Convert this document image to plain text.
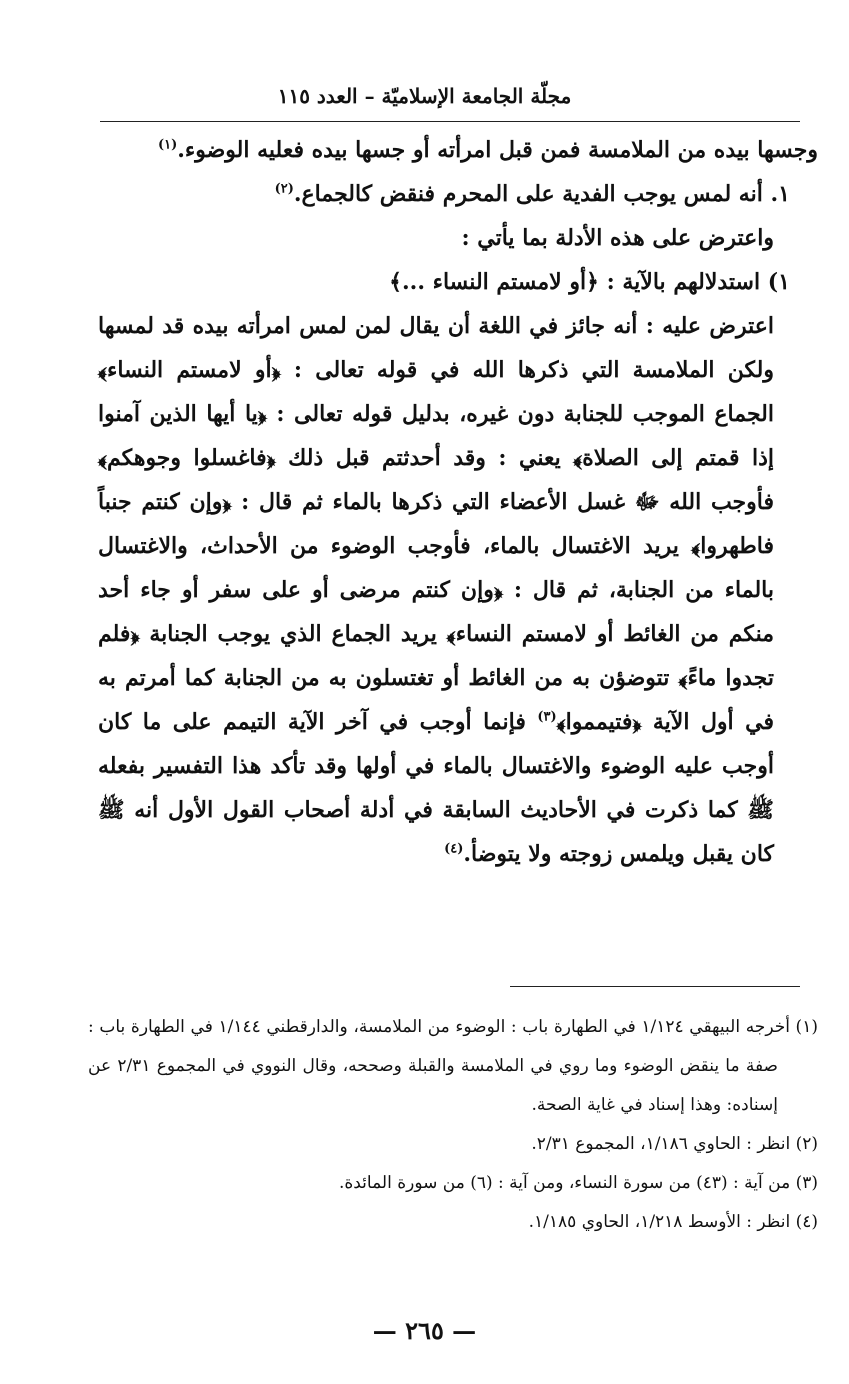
مجلّة الجامعة الإسلاميّة – العدد ١١٥

وجسها بيده من الملامسة فمن قبل امرأته أو جسها بيده فعليه الوضوء.$^{(١)}$

١. أنه لمس يوجب الفدية على المحرم فنقض كالجماع.$^{(٢)}$

واعترض على هذه الأدلة بما يأتي :

١) استدلالهم بالآية : ﴿أو لامستم النساء ...﴾

اعترض عليه : أنه جائز في اللغة أن يقال لمن لمس امرأته بيده قد لمسها ولكن الملامسة التي ذكرها الله في قوله تعالى : ﴿أو لامستم النساء﴾ الجماع الموجب للجنابة دون غيره، بدليل قوله تعالى : ﴿يا أيها الذين آمنوا إذا قمتم إلى الصلاة﴾ يعني : وقد أحدثتم قبل ذلك ﴿فاغسلوا وجوهكم﴾ فأوجب الله ﷻ غسل الأعضاء التي ذكرها بالماء ثم قال : ﴿وإن كنتم جنباً فاطهروا﴾ يريد الاغتسال بالماء، فأوجب الوضوء من الأحداث، والاغتسال بالماء من الجنابة، ثم قال : ﴿وإن كنتم مرضى أو على سفر أو جاء أحد منكم من الغائط أو لامستم النساء﴾ يريد الجماع الذي يوجب الجنابة ﴿فلم تجدوا ماءً﴾ تتوضؤن به من الغائط أو تغتسلون به من الجنابة كما أمرتم به في أول الآية ﴿فتيمموا﴾$^{(٣)}$ فإنما أوجب في آخر الآية التيمم على ما كان أوجب عليه الوضوء والاغتسال بالماء في أولها وقد تأكد هذا التفسير بفعله ﷺ كما ذكرت في الأحاديث السابقة في أدلة أصحاب القول الأول أنه ﷺ كان يقبل ويلمس زوجته ولا يتوضأ.$^{(٤)}$

(١) أخرجه البيهقي ١/١٢٤ في الطهارة باب : الوضوء من الملامسة، والدارقطني ١/١٤٤ في الطهارة باب : صفة ما ينقض الوضوء وما روي في الملامسة والقبلة وصححه، وقال النووي في المجموع ٢/٣١ عن إسناده: وهذا إسناد في غاية الصحة.

(٢) انظر : الحاوي ١/١٨٦، المجموع ٢/٣١.

(٣) من آية : (٤٣) من سورة النساء، ومن آية : (٦) من سورة المائدة.

(٤) انظر : الأوسط ١/٢١٨، الحاوي ١/١٨٥.

— ٢٦٥ —
